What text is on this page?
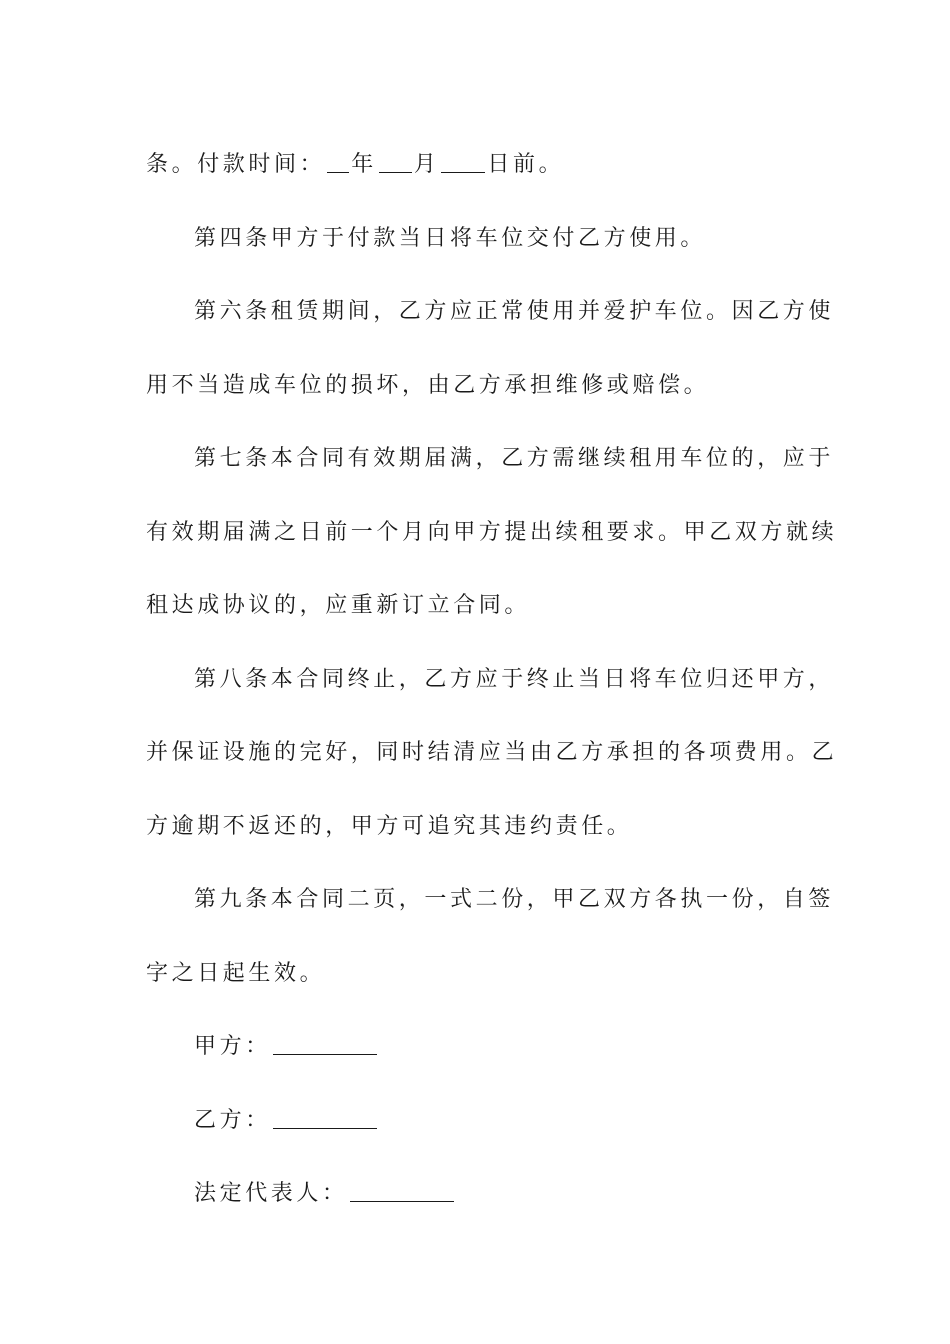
条。付款时间： 年 月 日前。
第四条甲方于付款当日将车位交付乙方使用。
第六条租赁期间，乙方应正常使用并爱护车位。因乙方使
用不当造成车位的损坏，由乙方承担维修或赔偿。
第七条本合同有效期届满，乙方需继续租用车位的，应于
有效期届满之日前一个月向甲方提出续租要求。甲乙双方就续
租达成协议的，应重新订立合同。
第八条本合同终止，乙方应于终止当日将车位归还甲方，
并保证设施的完好，同时结清应当由乙方承担的各项费用。乙
方逾期不返还的，甲方可追究其违约责任。
第九条本合同二页，一式二份，甲乙双方各执一份，自签
字之日起生效。
甲方：
乙方：
法定代表人：
